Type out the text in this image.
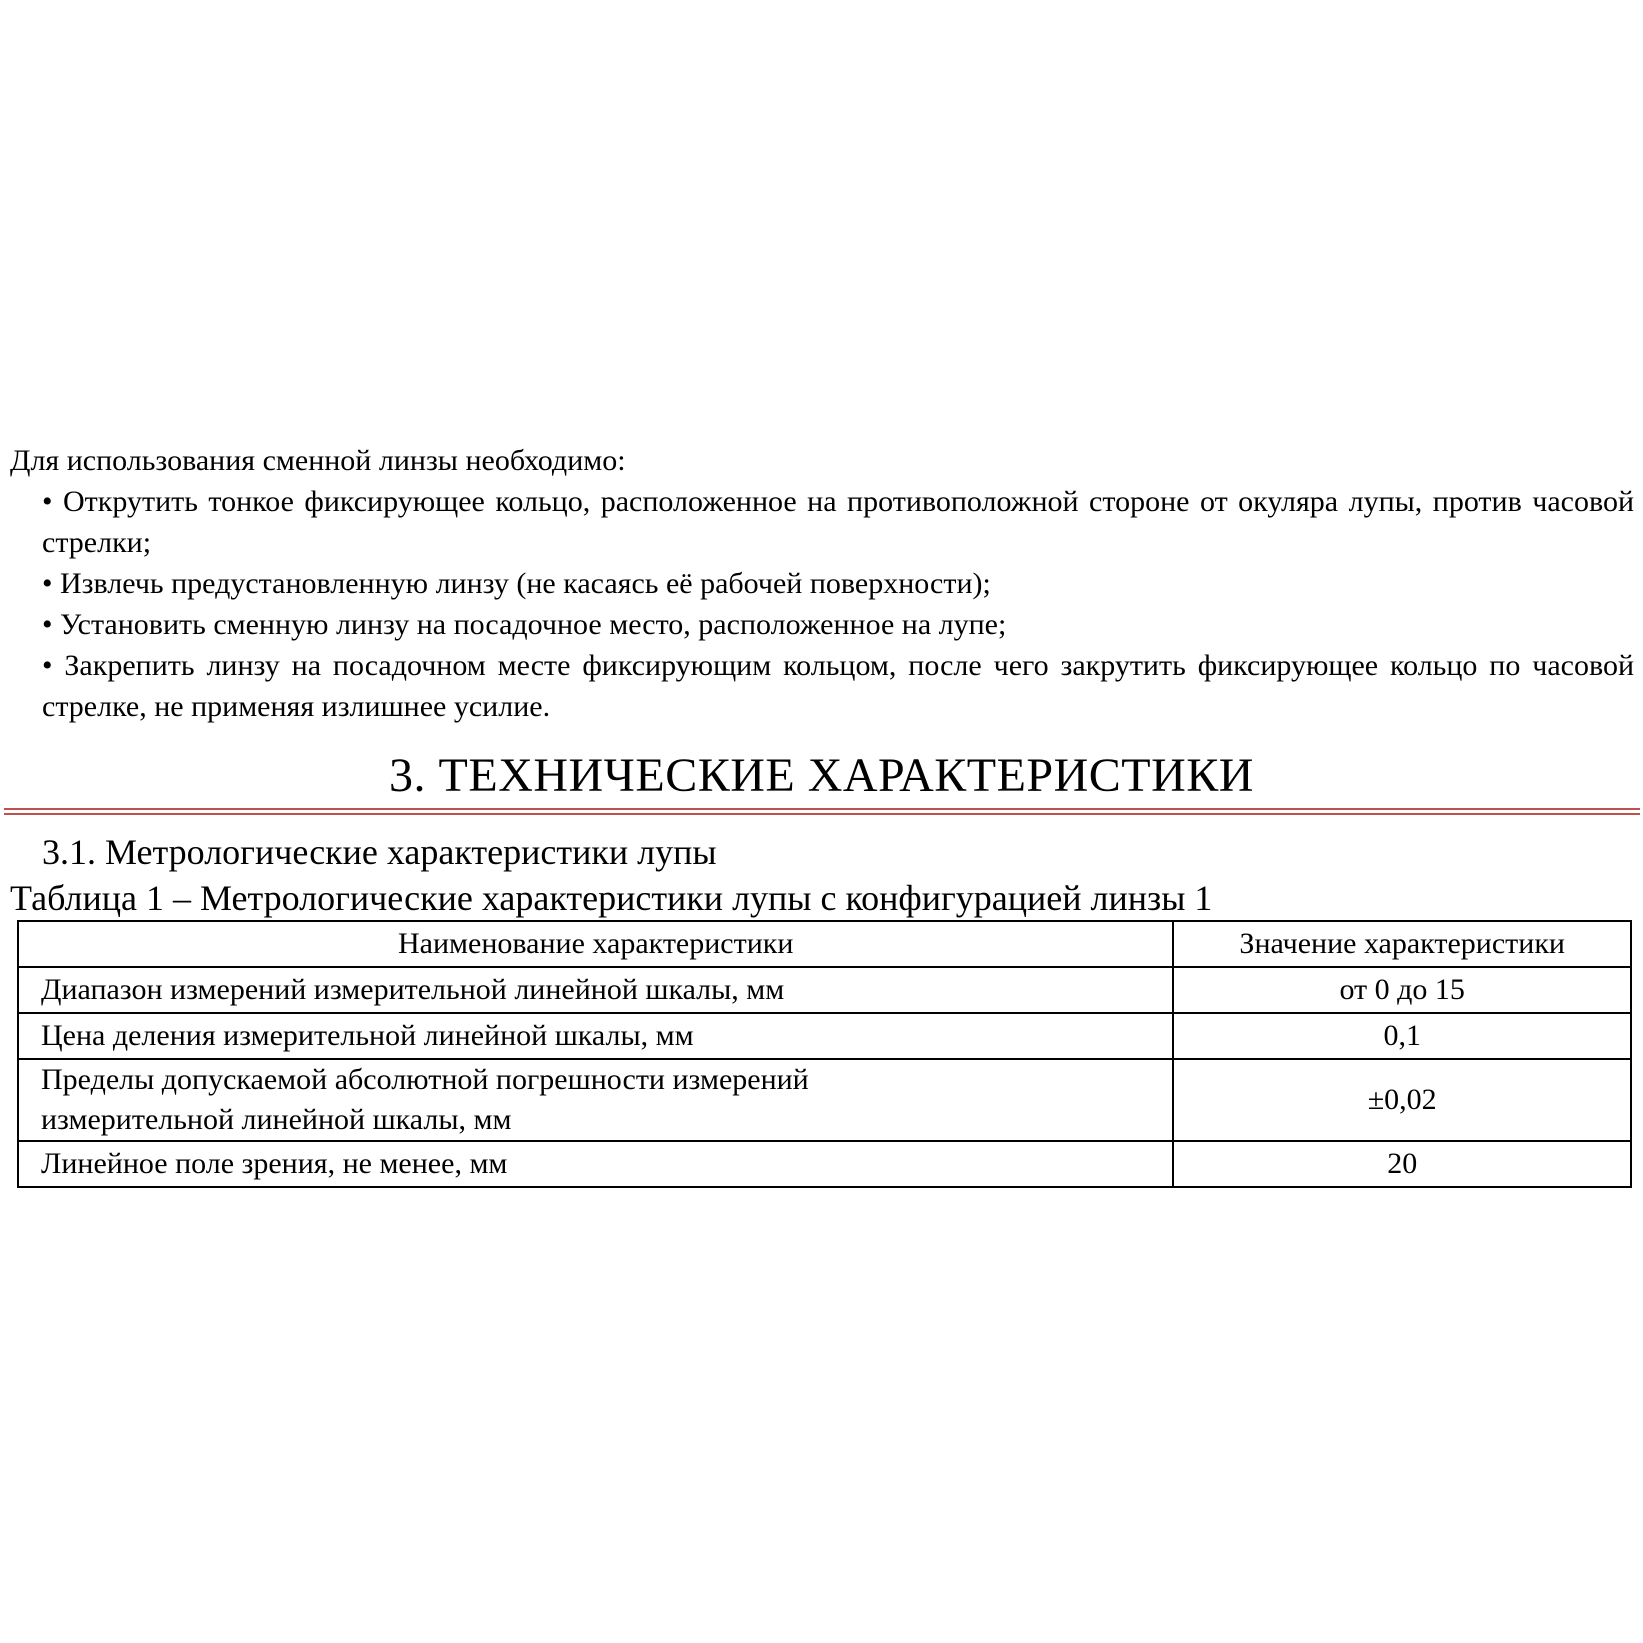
Для использования сменной линзы необходимо:

• Открутить тонкое фиксирующее кольцо, расположенное на противоположной стороне от окуляра лупы, против часовой стрелки;

• Извлечь предустановленную линзу (не касаясь её рабочей поверхности);

• Установить сменную линзу на посадочное место, расположенное на лупе;

• Закрепить линзу на посадочном месте фиксирующим кольцом, после чего закрутить фиксирующее кольцо по часовой стрелке, не применяя излишнее усилие.

3. ТЕХНИЧЕСКИЕ ХАРАКТЕРИСТИКИ
3.1. Метрологические характеристики лупы
Таблица 1 – Метрологические характеристики лупы с конфигурацией линзы 1
Наименование характеристики	Значение характеристики
Диапазон измерений измерительной линейной шкалы, мм	от 0 до 15
Цена деления измерительной линейной шкалы, мм	0,1

Пределы допускаемой абсолютной погрешности измерений
измерительной линейной шкалы, мм	±0,02
Линейное поле зрения, не менее, мм	20
